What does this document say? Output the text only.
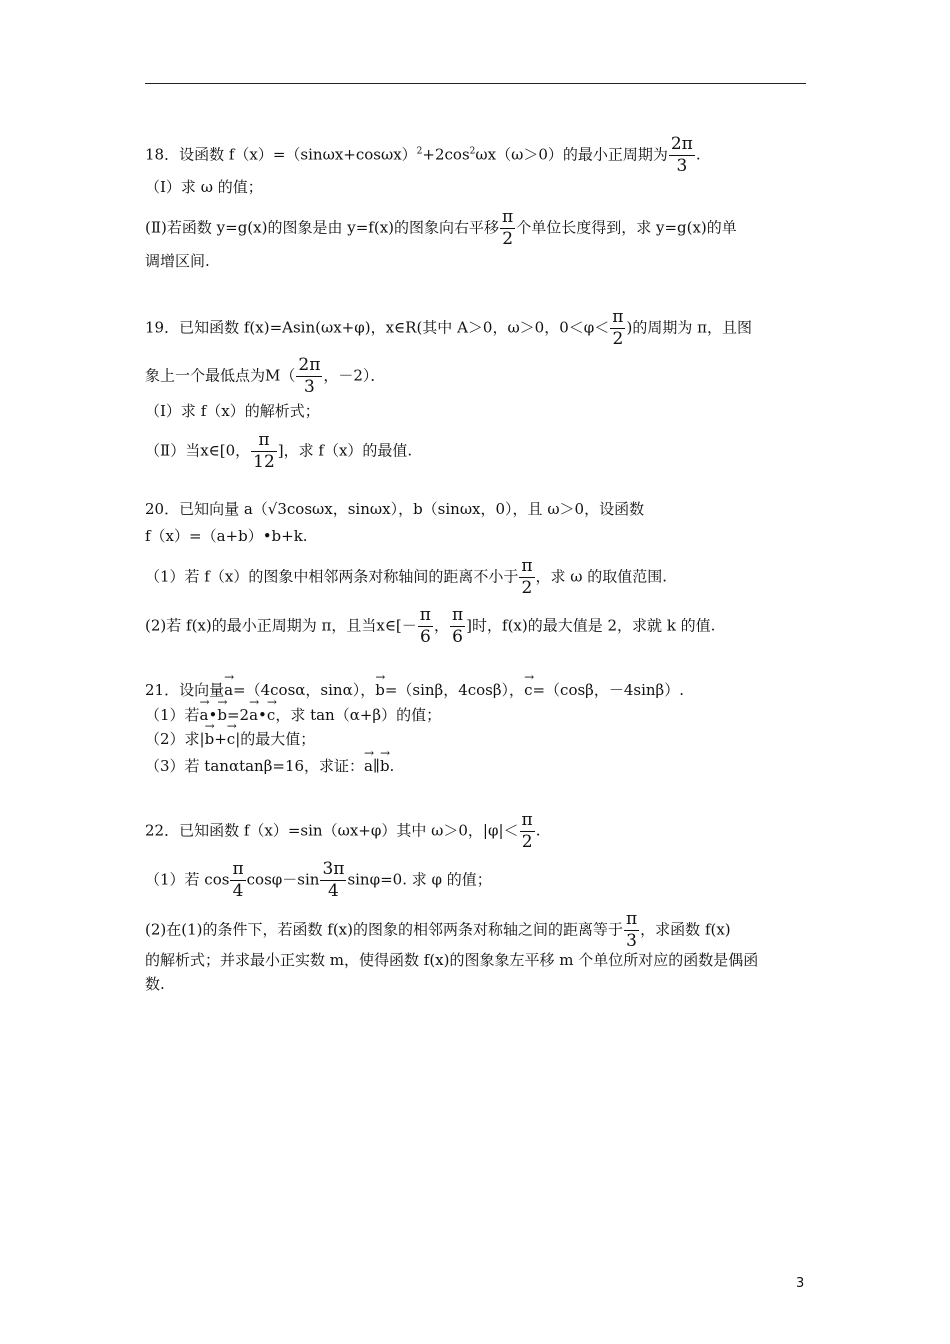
18．设函数 $f(x)=(\sin\omega x+\cos\omega x)^2+2\cos^2\omega x(\omega>0)$的最小正周期为 $\frac{2\pi}{3}$ .
（Ⅰ）求 ω 的值；
(Ⅱ)若函数 y=g(x)的图象是由 y=f(x)的图象向右平移 $\frac{\pi}{2}$ 个单位长度得到，求 y=g(x)的单
调增区间.
19．已知函数 f(x)=Asin(ωx+φ)，x∈R(其中 A＞0，ω＞0，$0<\varphi< \frac{\pi}{2}$ )的周期为 π，且图
象上一个最低点为$M( \frac{2\pi}{3}$ ，－2）．
（Ⅰ）求 f（x）的解析式；
（Ⅱ）当x∈[0， $\frac{\pi}{12}$ ]，求 f（x）的最值.
20．已知向量 a（√3cosωx，sinωx），b（sinωx，0），且 ω＞0，设函数
f（x）=（a+b）•b+k.
（1）若 f（x）的图象中相邻两条对称轴间的距离不小于 $\frac{\pi}{2}$ ，求 ω 的取值范围.
(2)若 f(x)的最小正周期为 π，且当x∈[－ $\frac{\pi}{6}$ ， $\frac{\pi}{6}$ ]时，f(x)的最大值是 2，求就 k 的值.
21．设向量→ a=（4cosα，sinα），→ b=（sinβ，4cosβ），→ c=（cosβ，－4sinβ）.
（1）若→ a•→ b=2→ a•→ c，求 tan（α+β）的值；
（2）求|→ b+→ c|的最大值；
（3）若 tanαtanβ=16，求证：→ a∥→ b.
22．已知函数 f（x）=sin（ωx+φ）其中 ω＞0，$|\varphi|< \frac{\pi}{2}$ .
（1）若 $\cos \frac{\pi}{4} \cos\varphi-\sin \frac{3\pi}{4} \sin\varphi=0$. 求 φ 的值；
(2)在(1)的条件下，若函数 f(x)的图象的相邻两条对称轴之间的距离等于 $\frac{\pi}{3}$ ，求函数 f(x)
的解析式；并求最小正实数 m，使得函数 f(x)的图象象左平移 m 个单位所对应的函数是偶函
数.
3
